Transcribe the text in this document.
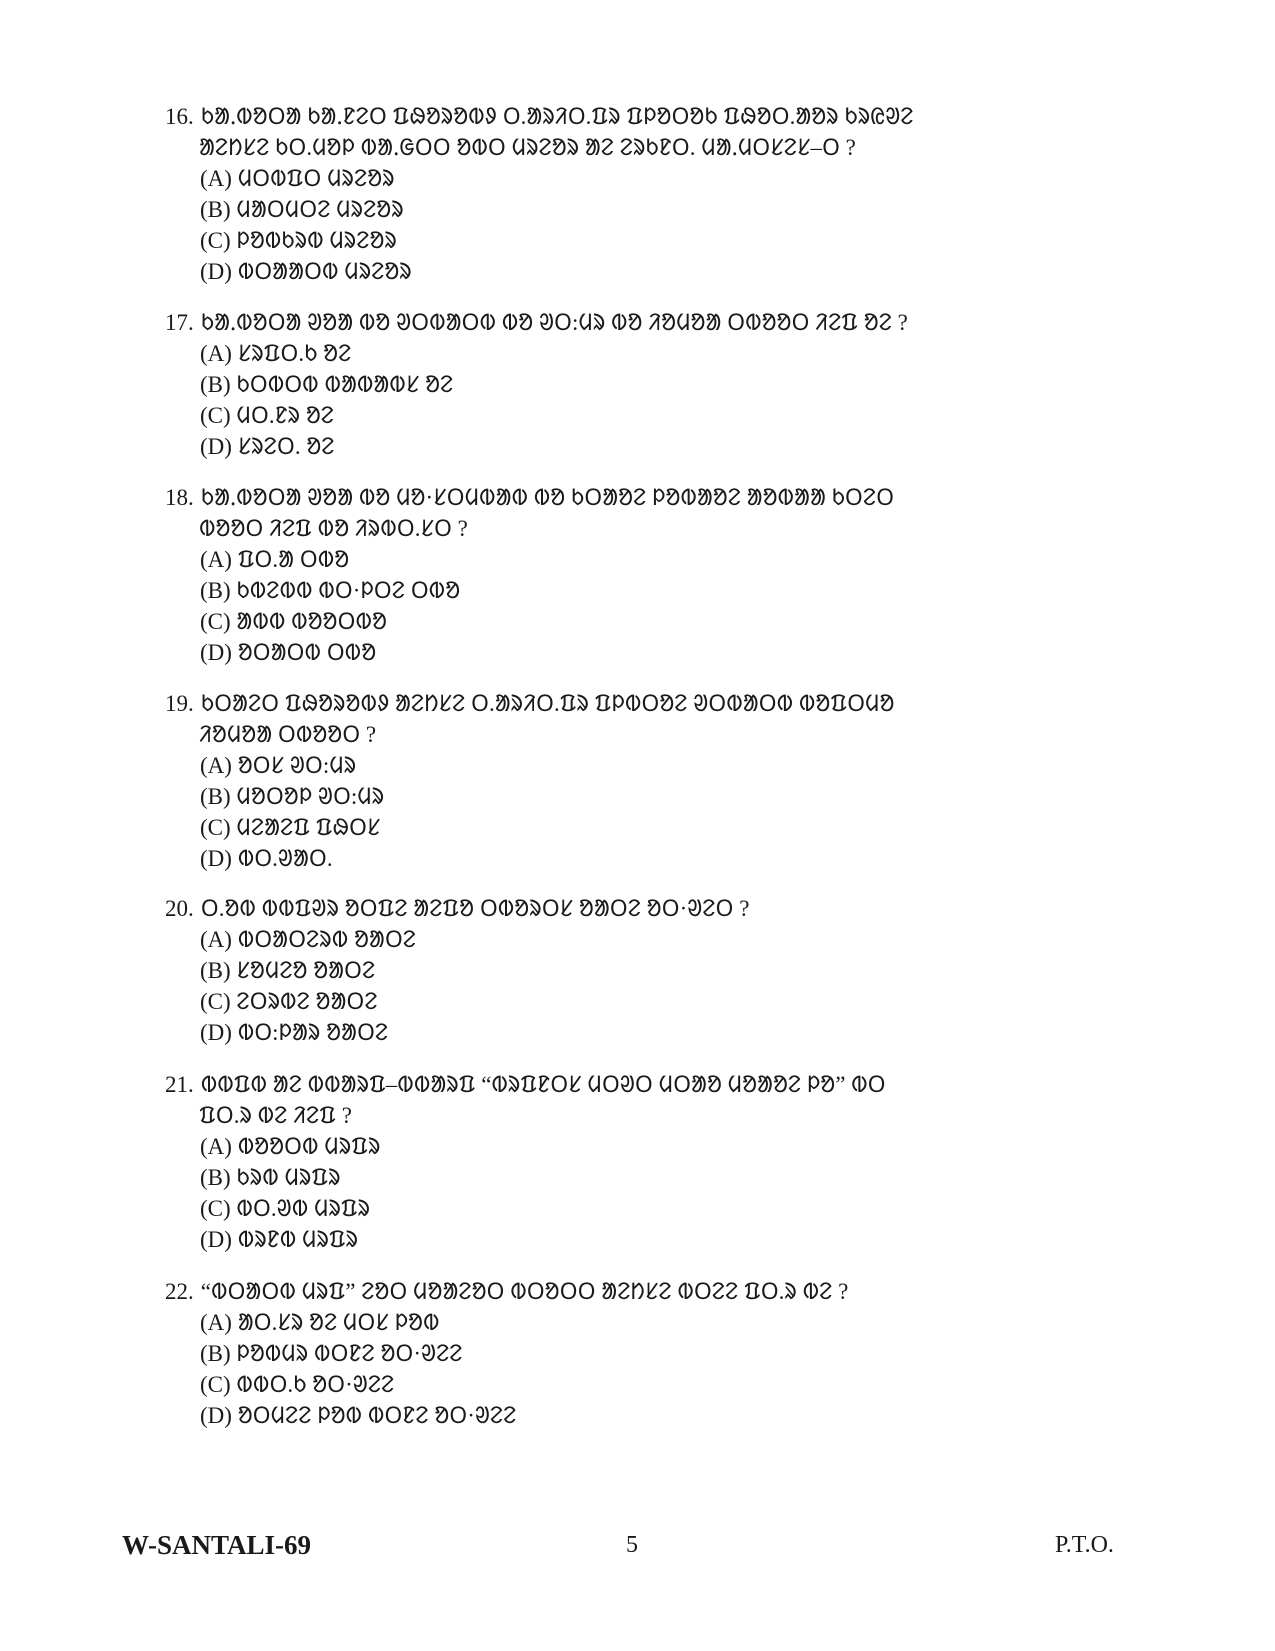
16. ᱠᱟᱹᱵᱚᱛᱟ ᱠᱟᱹᱱᱮᱛ ᱯᱷᱚᱨᱚᱵᱽ ᱛ.ᱟᱨᱤᱛ.ᱯᱨ ᱯᱞᱚᱛᱚᱠ ᱯᱷᱚᱛ.ᱟᱚᱨ ᱠᱨᱭᱣᱮ
ᱟᱮᱴᱥᱮ ᱠᱛ.ᱢᱚᱞ ᱵᱟᱹᱜᱛᱛ ᱚᱵᱛ ᱢᱨᱮᱚᱨ ᱟᱮ ᱮᱨᱠᱱᱛ. ᱢᱟᱹᱢᱛᱥᱮᱥ–ᱛ ?
(A) ᱢᱛᱵᱯᱛ ᱢᱨᱮᱚᱨ
(B) ᱢᱟᱛᱢᱛᱮ ᱢᱨᱮᱚᱨ
(C) ᱞᱚᱵᱠᱨᱵ ᱢᱨᱮᱚᱨ
(D) ᱵᱛᱟᱟᱛᱵ ᱢᱨᱮᱚᱨ
17. ᱠᱟᱹᱵᱚᱛᱟ ᱣᱚᱟ ᱵᱚ ᱣᱛᱵᱟᱛᱵ ᱵᱚ ᱣᱛ:ᱢᱨ ᱵᱚ ᱤᱚᱢᱚᱟ ᱛᱵᱚᱚᱛ ᱤᱮᱯ ᱚᱮ ?
(A) ᱥᱨᱯᱛ.ᱠ ᱚᱮ
(B) ᱠᱛᱵᱛᱵ ᱵᱟᱵᱟᱵᱥ ᱚᱮ
(C) ᱢᱛ.ᱱᱨ ᱚᱮ
(D) ᱥᱨᱮᱛ. ᱚᱮ
18. ᱠᱟᱹᱵᱚᱛᱟ ᱣᱚᱟ ᱵᱚ ᱢᱚ·ᱥᱛᱢᱵᱟᱵ ᱵᱚ ᱠᱛᱟᱚᱮ ᱞᱚᱵᱟᱚᱮ ᱟᱚᱵᱟᱟ ᱠᱛᱮᱛ
ᱵᱚᱚᱛ ᱤᱮᱯ ᱵᱚ ᱤᱨᱵᱛ.ᱥᱛ ?
(A) ᱯᱛ.ᱟ ᱛᱵᱚ
(B) ᱠᱵᱮᱵᱵ ᱵᱛ·ᱞᱛᱮ ᱛᱵᱚ
(C) ᱟᱵᱵ ᱵᱚᱚᱛᱵᱚ
(D) ᱚᱛᱟᱛᱵ ᱛᱵᱚ
19. ᱠᱛᱟᱮᱛ ᱯᱷᱚᱨᱚᱵᱽ ᱟᱮᱴᱥᱮ ᱛ.ᱟᱨᱤᱛ.ᱯᱨ ᱯᱞᱵᱛᱚᱮ ᱣᱛᱵᱟᱛᱵ ᱵᱚᱯᱛᱢᱚ
ᱤᱚᱢᱚᱟ ᱛᱵᱚᱚᱛ ?
(A) ᱚᱛᱥ ᱣᱛ:ᱢᱨ
(B) ᱢᱚᱛᱚᱞ ᱣᱛ:ᱢᱨ
(C) ᱢᱮᱟᱮᱯ ᱯᱷᱛᱥ
(D) ᱵᱛ.ᱣᱟᱛ.
20. ᱛ.ᱚᱵ ᱵᱵᱯᱣᱨ ᱚᱛᱯᱮ ᱟᱮᱯᱚ ᱛᱵᱚᱨᱛᱥ ᱚᱟᱛᱮ ᱚᱛ·ᱣᱮᱛ ?
(A) ᱵᱛᱟᱛᱮᱨᱵ ᱚᱟᱛᱮ
(B) ᱥᱚᱢᱮᱚ ᱚᱟᱛᱮ
(C) ᱮᱛᱨᱵᱮ ᱚᱟᱛᱮ
(D) ᱵᱛ:ᱞᱟᱨ ᱚᱟᱛᱮ
21. ᱵᱵᱯᱵ ᱟᱮ ᱵᱵᱟᱨᱯ–ᱵᱵᱟᱨᱯ “ᱵᱨᱯᱱᱛᱥ ᱢᱛᱣᱛ ᱢᱛᱟᱚ ᱢᱚᱟᱚᱮ ᱞᱚ” ᱵᱛ
ᱯᱛ.ᱨ ᱵᱮ ᱤᱮᱯ ?
(A) ᱵᱚᱚᱛᱵ ᱢᱨᱯᱨ
(B) ᱠᱨᱵ ᱢᱨᱯᱨ
(C) ᱵᱛ.ᱣᱵ ᱢᱨᱯᱨ
(D) ᱵᱨᱱᱵ ᱢᱨᱯᱨ
22. “ᱵᱛᱟᱛᱵ ᱢᱨᱯ” ᱮᱚᱛ ᱢᱚᱟᱮᱚᱛ ᱵᱛᱚᱛᱛ ᱟᱮᱴᱥᱮ ᱵᱛᱮᱮ ᱯᱛ.ᱨ ᱵᱮ ?
(A) ᱟᱛ.ᱥᱨ ᱚᱮ ᱢᱛᱥ ᱞᱚᱵ
(B) ᱞᱚᱵᱢᱨ ᱵᱛᱱᱮ ᱚᱛ·ᱣᱮᱮ
(C) ᱵᱵᱛ.ᱠ ᱚᱛ·ᱣᱮᱮ
(D) ᱚᱛᱢᱮᱮ ᱞᱚᱵ ᱵᱛᱱᱮ ᱚᱛ·ᱣᱮᱮ
W-SANTALI-69	5	P.T.O.
